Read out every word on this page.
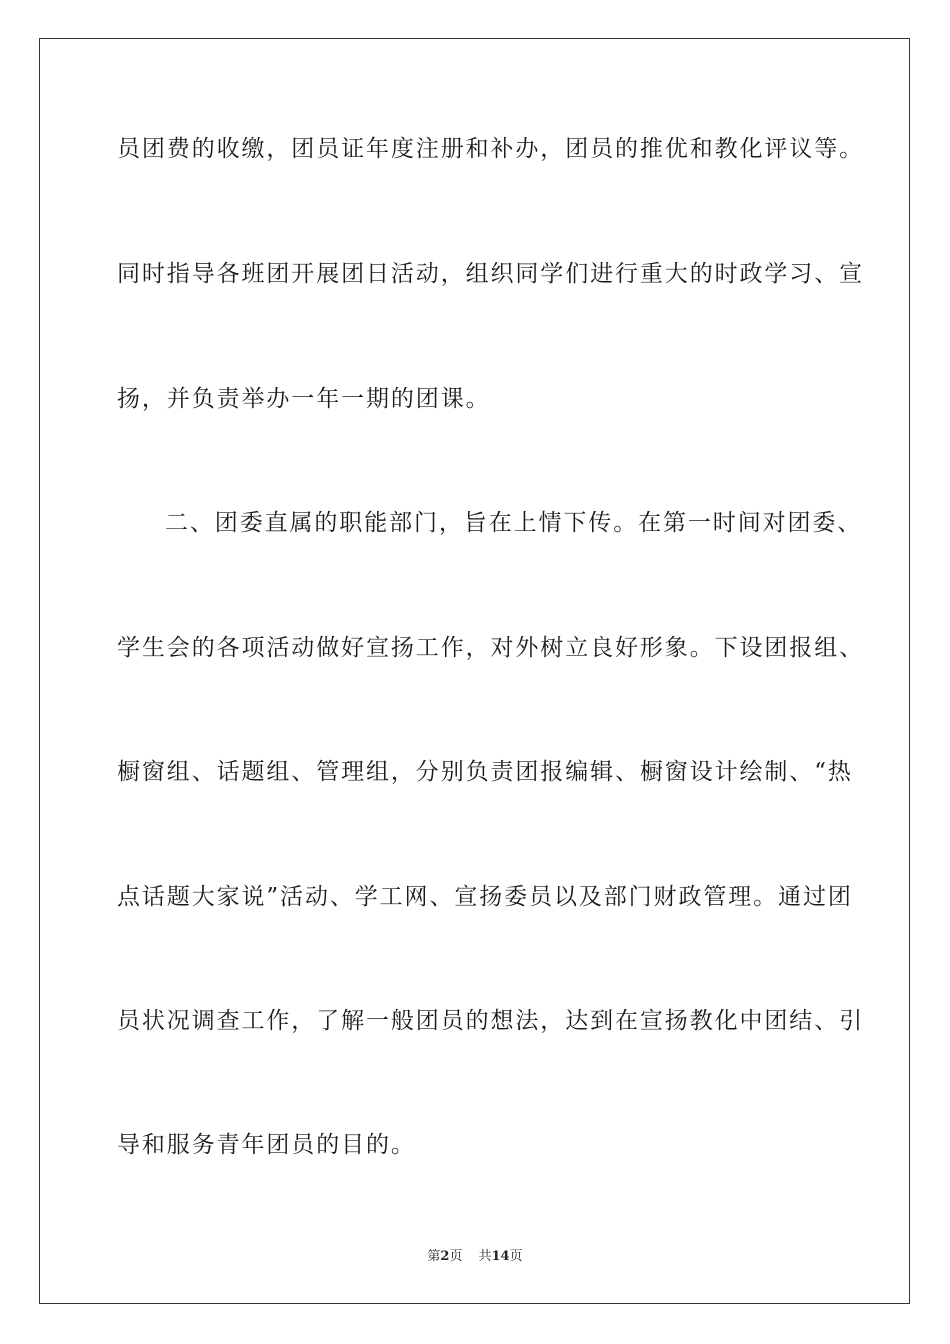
员团费的收缴，团员证年度注册和补办，团员的推优和教化评议等。
同时指导各班团开展团日活动，组织同学们进行重大的时政学习、宣
扬，并负责举办一年一期的团课。
二、团委直属的职能部门，旨在上情下传。在第一时间对团委、
学生会的各项活动做好宣扬工作，对外树立良好形象。下设团报组、
橱窗组、话题组、管理组，分别负责团报编辑、橱窗设计绘制、“热
点话题大家说”活动、学工网、宣扬委员以及部门财政管理。通过团
员状况调查工作，了解一般团员的想法，达到在宣扬教化中团结、引
导和服务青年团员的目的。
第2页 共14页
